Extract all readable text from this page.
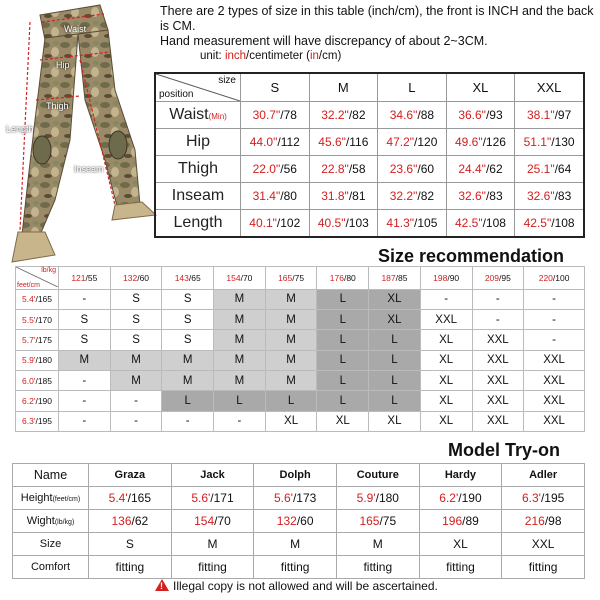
Waist
Hip
Thigh
Length
Inseam
There are 2 types of size in this table (inch/cm), the front is INCH and the back is CM.
Hand measurement will have discrepancy of about 2~3CM.
unit: inch/centimeter (in/cm)
size
position	S	M	L	XL	XXL
Waist(Min)	30.7"/78	32.2"/82	34.6"/88	36.6"/93	38.1"/97
Hip	44.0"/112	45.6"/116	47.2"/120	49.6"/126	51.1"/130
Thigh	22.0"/56	22.8"/58	23.6"/60	24.4"/62	25.1"/64
Inseam	31.4"/80	31.8"/81	32.2"/82	32.6"/83	32.6"/83
Length	40.1"/102	40.5"/103	41.3"/105	42.5"/108	42.5"/108
Size recommendation
lb/kg
feet/cm	121/55	132/60	143/65	154/70	165/75	176/80	187/85	198/90	209/95	220/100
5.4'/165	-	S	S	M	M	L	XL	-	-	-
5.5'/170	S	S	S	M	M	L	XL	XXL	-	-
5.7'/175	S	S	S	M	M	L	L	XL	XXL	-
5.9'/180	M	M	M	M	M	L	L	XL	XXL	XXL
6.0'/185	-	M	M	M	M	L	L	XL	XXL	XXL
6.2'/190	-	-	L	L	L	L	L	XL	XXL	XXL
6.3'/195	-	-	-	-	XL	XL	XL	XL	XXL	XXL
Model Try-on
Name	Graza	Jack	Dolph	Couture	Hardy	Adler
Height(feet/cm)	5.4'/165	5.6'/171	5.6'/173	5.9'/180	6.2'/190	6.3'/195
Wight(lb/kg)	136/62	154/70	132/60	165/75	196/89	216/98
Size	S	M	M	M	XL	XXL
Comfort	fitting	fitting	fitting	fitting	fitting	fitting
! Illegal copy is not allowed and will be ascertained.
